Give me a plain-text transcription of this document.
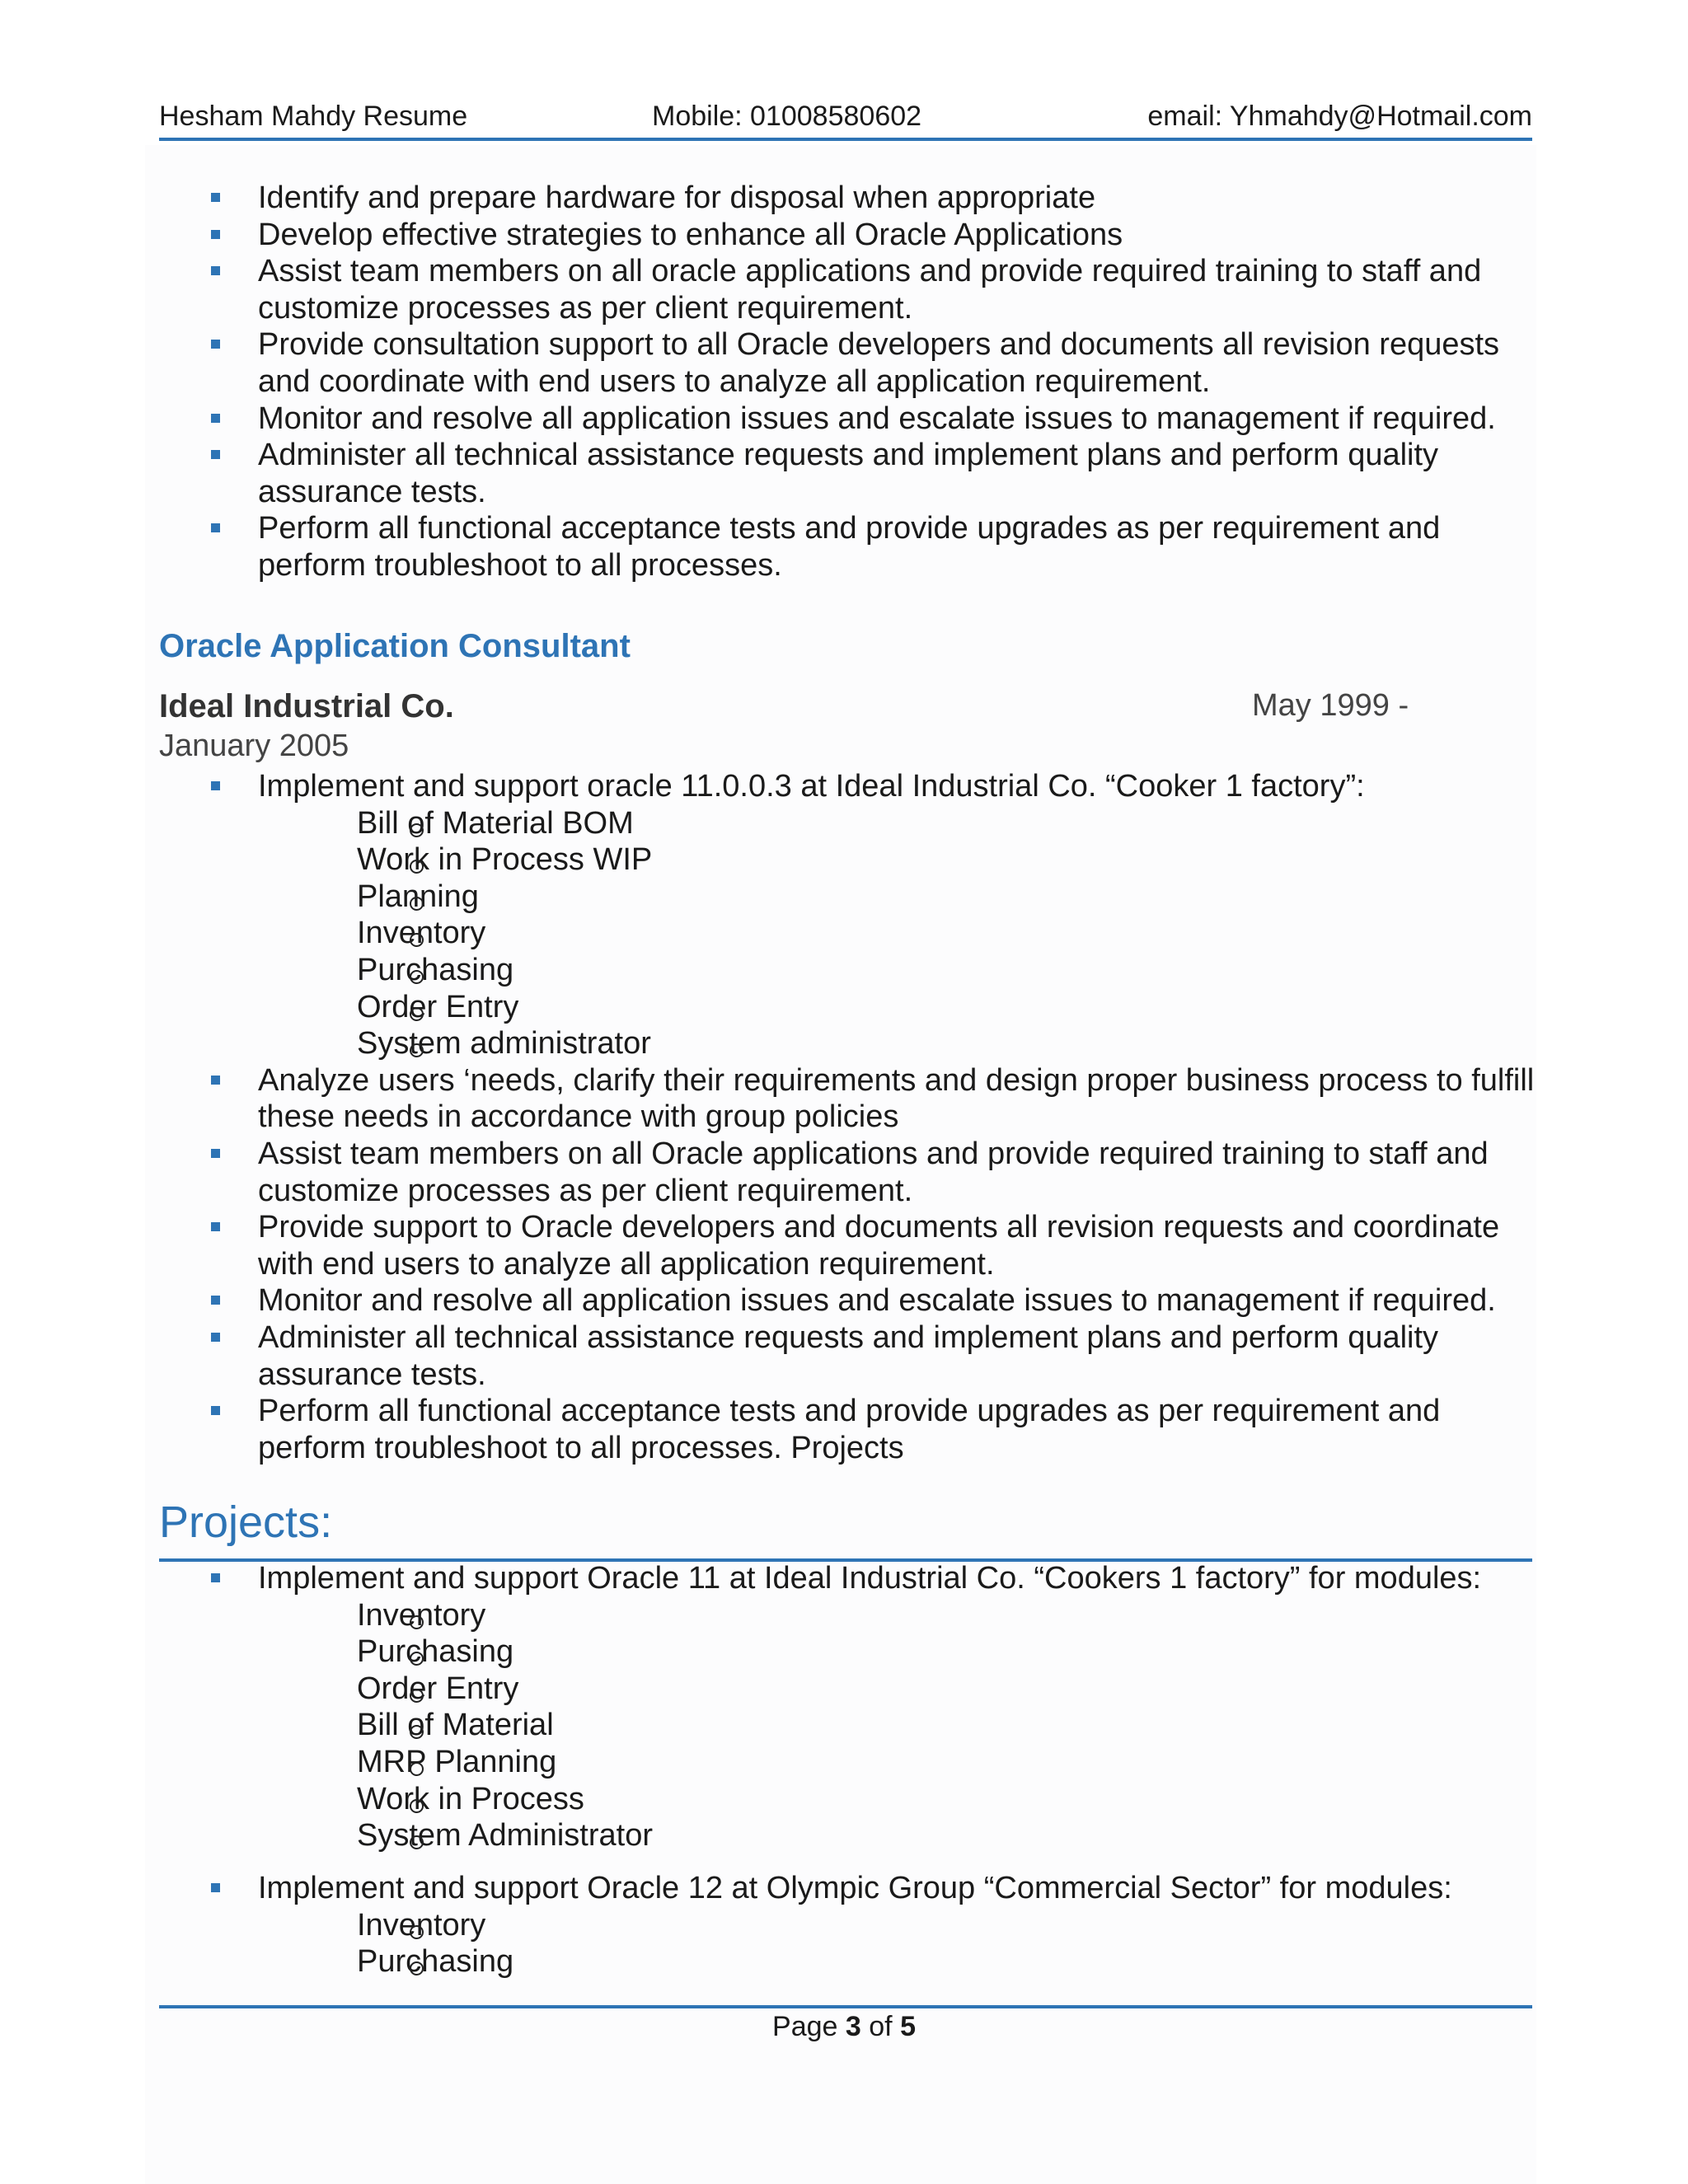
Hesham Mahdy Resume	Mobile: 01008580602	email: Yhmahdy@Hotmail.com
Identify and prepare hardware for disposal when appropriate
Develop effective strategies to enhance all Oracle Applications
Assist team members on all oracle applications and provide required training to staff and customize processes as per client requirement.
Provide consultation support to all Oracle developers and documents all revision requests and coordinate with end users to analyze all application requirement.
Monitor and resolve all application issues and escalate issues to management if required.
Administer all technical assistance requests and implement plans and perform quality assurance tests.
Perform all functional acceptance tests and provide upgrades as per requirement and perform troubleshoot to all processes.
Oracle Application Consultant
Ideal Industrial Co.	May 1999 -
January 2005
Implement and support oracle 11.0.0.3 at Ideal Industrial Co. “Cooker 1 factory”:
Bill of Material BOM
Work in Process WIP
Planning
Inventory
Purchasing
Order Entry
System administrator
Analyze users ‘needs, clarify their requirements and design proper business process to fulfill these needs in accordance with group policies
Assist team members on all Oracle applications and provide required training to staff and customize processes as per client requirement.
Provide support to Oracle developers and documents all revision requests and coordinate with end users to analyze all application requirement.
Monitor and resolve all application issues and escalate issues to management if required.
Administer all technical assistance requests and implement plans and perform quality assurance tests.
Perform all functional acceptance tests and provide upgrades as per requirement and perform troubleshoot to all processes. Projects
Projects:
Implement and support Oracle 11 at Ideal Industrial Co. “Cookers 1 factory” for modules:
Inventory
Purchasing
Order Entry
Bill of Material
MRP Planning
Work in Process
System Administrator
Implement and support Oracle 12 at Olympic Group “Commercial Sector” for modules:
Inventory
Purchasing
Page 3 of 5
